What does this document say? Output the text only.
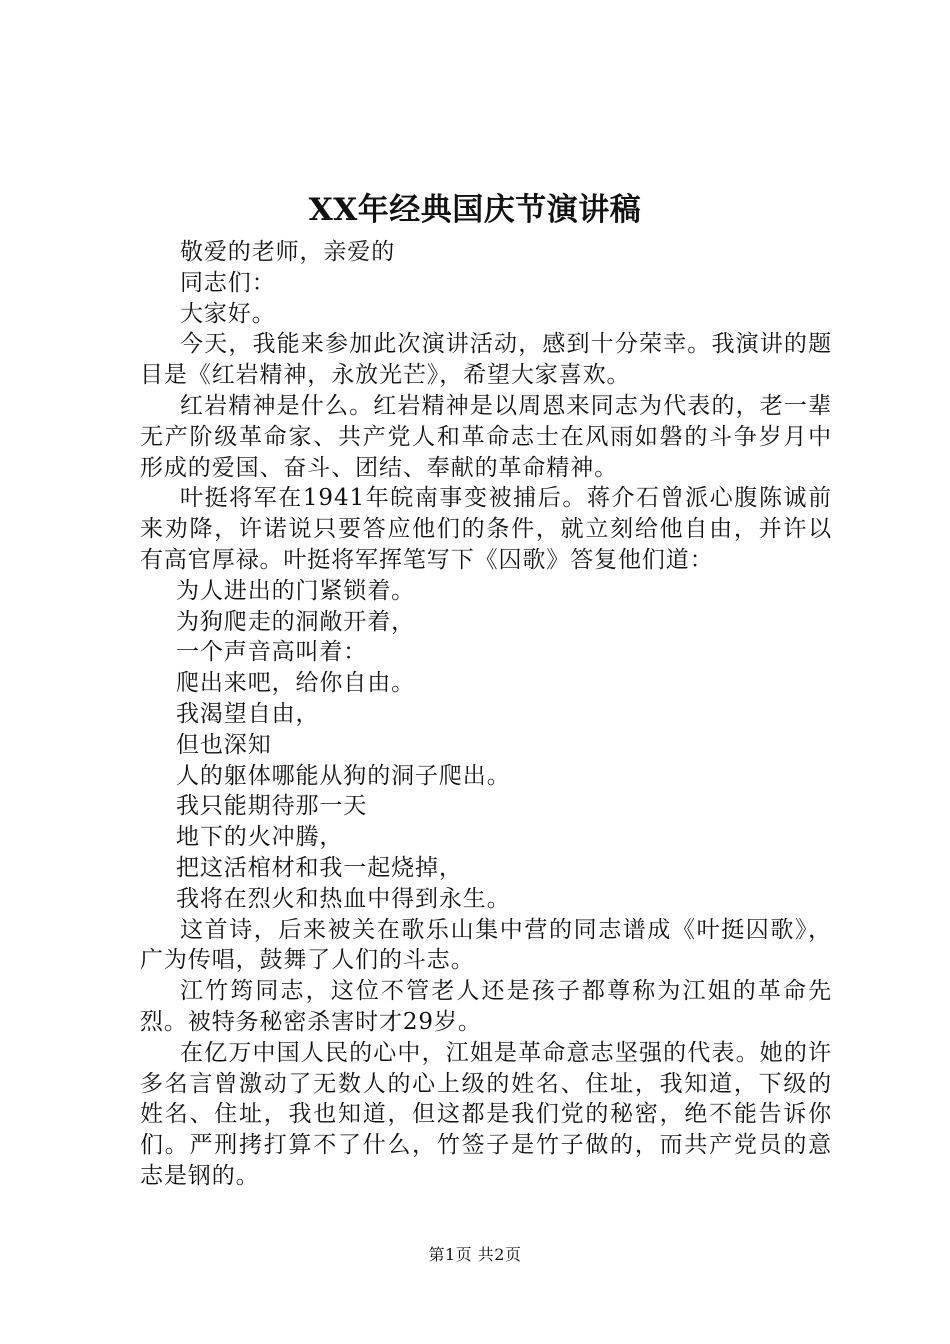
XX年经典国庆节演讲稿

敬爱的老师，亲爱的

同志们：

大家好。

今天，我能来参加此次演讲活动，感到十分荣幸。我演讲的题目是《红岩精神，永放光芒》，希望大家喜欢。

红岩精神是什么。红岩精神是以周恩来同志为代表的，老一辈无产阶级革命家、共产党人和革命志士在风雨如磐的斗争岁月中形成的爱国、奋斗、团结、奉献的革命精神。

叶挺将军在1941年皖南事变被捕后。蒋介石曾派心腹陈诚前来劝降，许诺说只要答应他们的条件，就立刻给他自由，并许以有高官厚禄。叶挺将军挥笔写下《囚歌》答复他们道：

为人进出的门紧锁着。

为狗爬走的洞敞开着，

一个声音高叫着：

爬出来吧，给你自由。

我渴望自由，

但也深知

人的躯体哪能从狗的洞子爬出。

我只能期待那一天

地下的火冲腾，

把这活棺材和我一起烧掉，

我将在烈火和热血中得到永生。

这首诗，后来被关在歌乐山集中营的同志谱成《叶挺囚歌》，广为传唱，鼓舞了人们的斗志。

江竹筠同志，这位不管老人还是孩子都尊称为江姐的革命先烈。被特务秘密杀害时才29岁。

在亿万中国人民的心中，江姐是革命意志坚强的代表。她的许多名言曾激动了无数人的心上级的姓名、住址，我知道，下级的姓名、住址，我也知道，但这都是我们党的秘密，绝不能告诉你们。严刑拷打算不了什么，竹签子是竹子做的，而共产党员的意志是钢的。

第1页 共2页
